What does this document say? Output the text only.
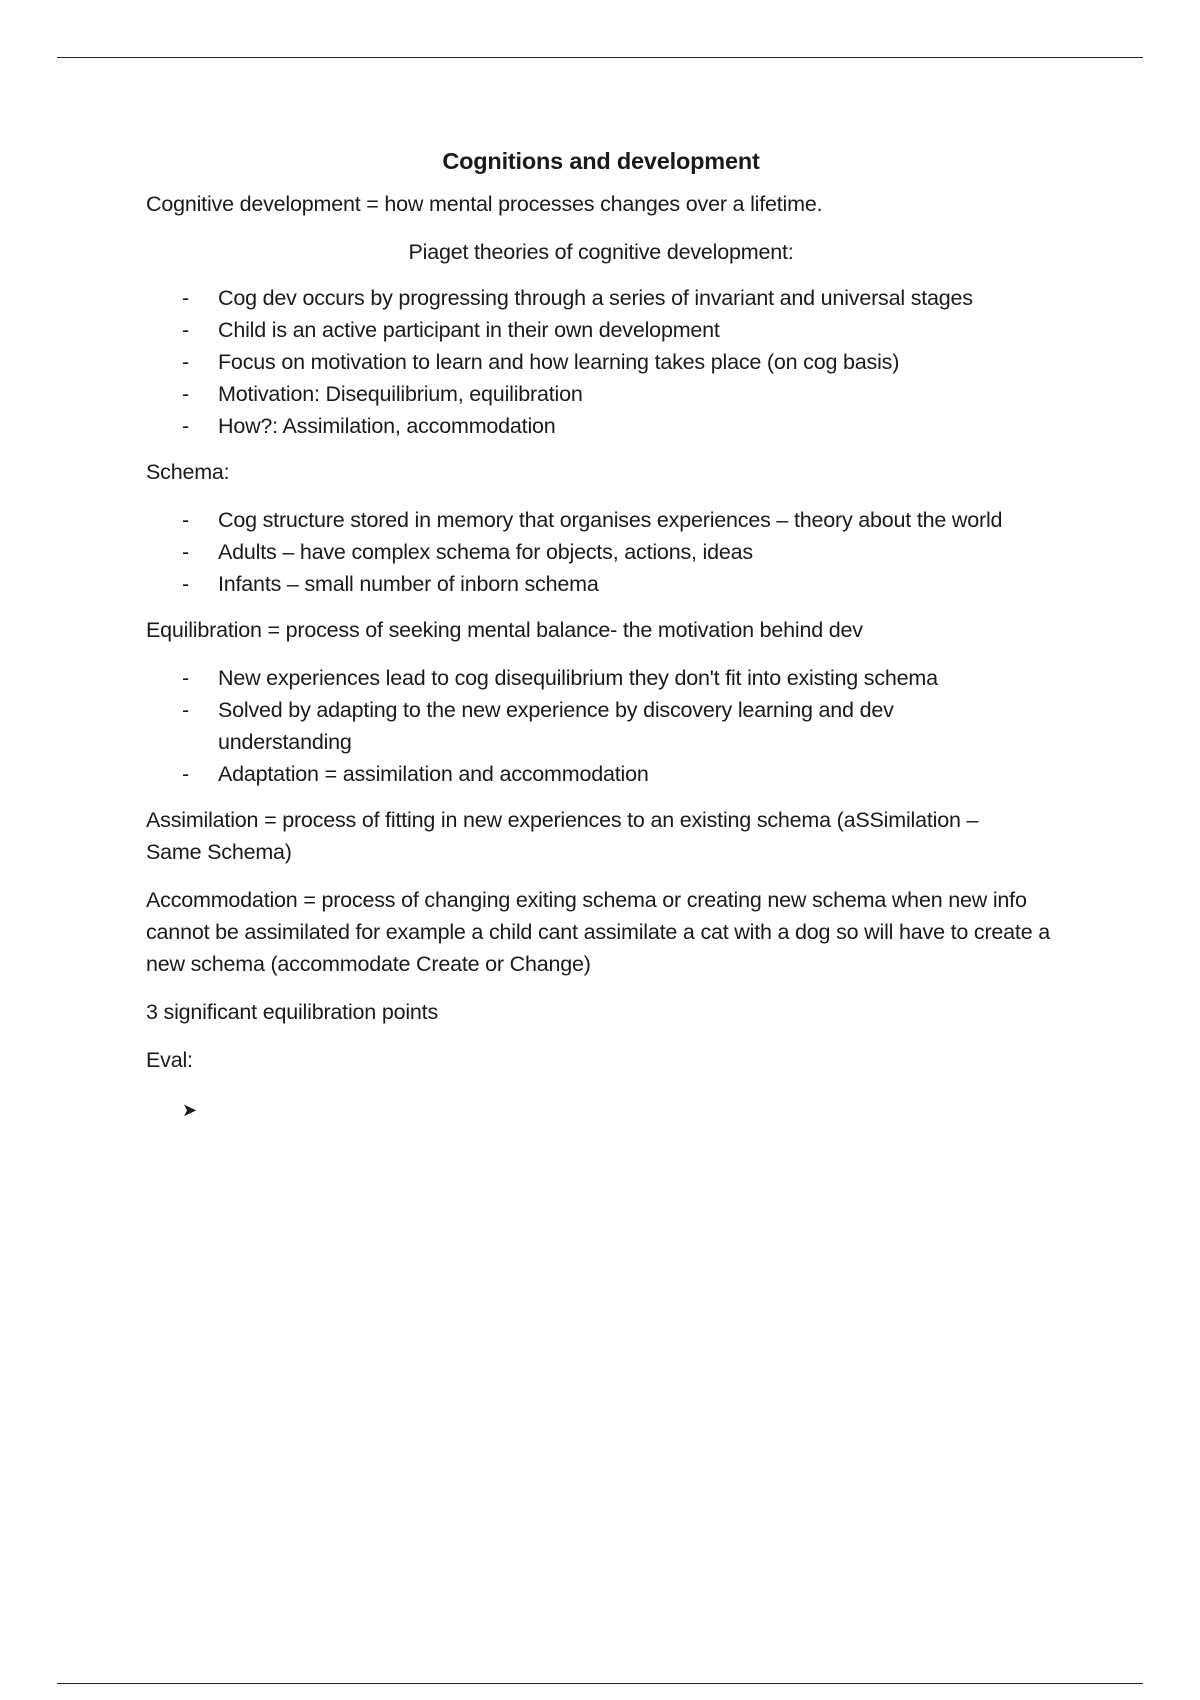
Cognitions and development
Cognitive development = how mental processes changes over a lifetime.
Piaget theories of cognitive development:
- Cog dev occurs by progressing through a series of invariant and universal stages
- Child is an active participant in their own development
- Focus on motivation to learn and how learning takes place (on cog basis)
- Motivation: Disequilibrium, equilibration
- How?: Assimilation, accommodation
Schema:
- Cog structure stored in memory that organises experiences – theory about the world
- Adults – have complex schema for objects, actions, ideas
- Infants – small number of inborn schema
Equilibration = process of seeking mental balance- the motivation behind dev
- New experiences lead to cog disequilibrium they don't fit into existing schema
- Solved by adapting to the new experience by discovery learning and dev understanding
- Adaptation = assimilation and accommodation
Assimilation = process of fitting in new experiences to an existing schema (aSSimilation – Same Schema)
Accommodation = process of changing exiting schema or creating new schema when new info cannot be assimilated for example a child cant assimilate a cat with a dog so will have to create a new schema (accommodate Create or Change)
3 significant equilibration points
Eval:
➤
